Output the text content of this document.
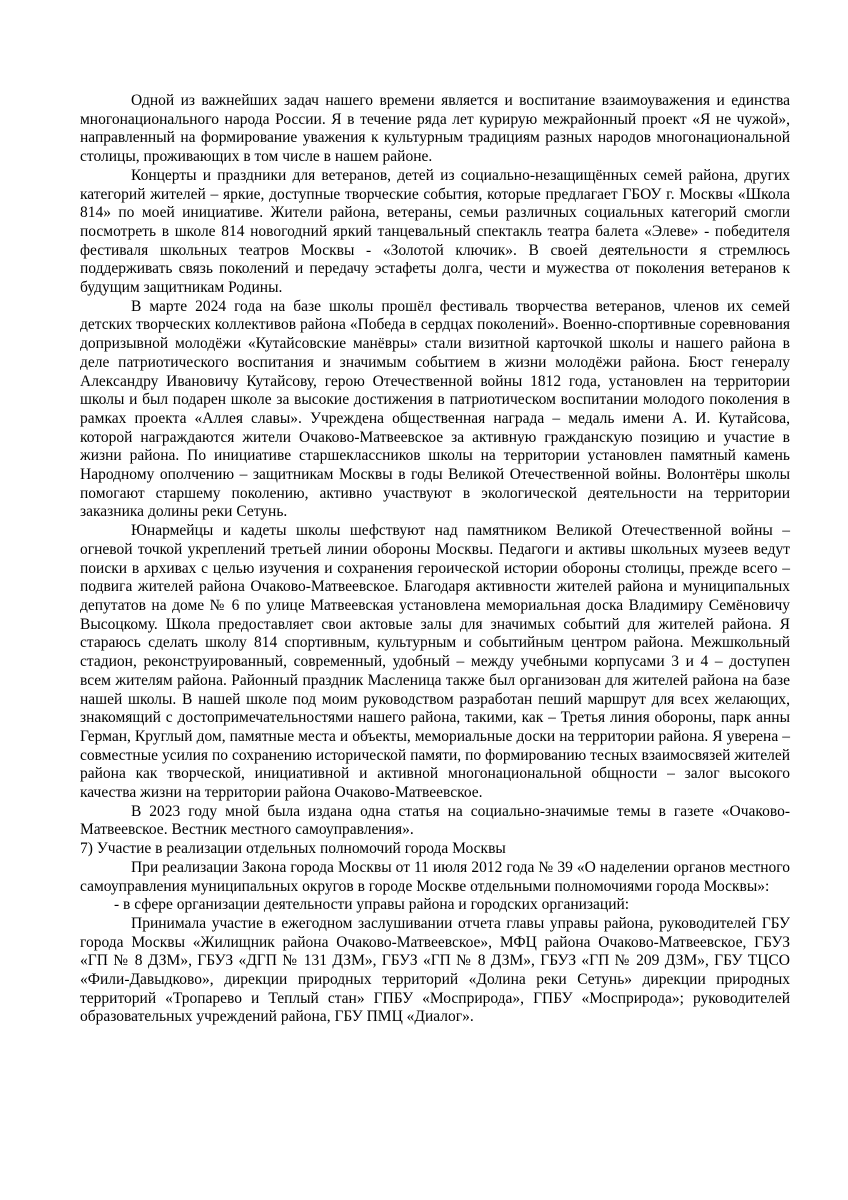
Одной из важнейших задач нашего времени является и воспитание взаимоуважения и единства многонационального народа России. Я в течение ряда лет курирую межрайонный проект «Я не чужой», направленный на формирование уважения к культурным традициям разных народов многонациональной столицы, проживающих в том числе в нашем районе.

Концерты и праздники для ветеранов, детей из социально-незащищённых семей района, других категорий жителей – яркие, доступные творческие события, которые предлагает ГБОУ г. Москвы «Школа 814» по моей инициативе. Жители района, ветераны, семьи различных социальных категорий смогли посмотреть в школе 814 новогодний яркий танцевальный спектакль театра балета «Элеве» - победителя фестиваля школьных театров Москвы - «Золотой ключик». В своей деятельности я стремлюсь поддерживать связь поколений и передачу эстафеты долга, чести и мужества от поколения ветеранов к будущим защитникам Родины.

В марте 2024 года на базе школы прошёл фестиваль творчества ветеранов, членов их семей детских творческих коллективов района «Победа в сердцах поколений». Военно-спортивные соревнования допризывной молодёжи «Кутайсовские манёвры» стали визитной карточкой школы и нашего района в деле патриотического воспитания и значимым событием в жизни молодёжи района. Бюст генералу Александру Ивановичу Кутайсову, герою Отечественной войны 1812 года, установлен на территории школы и был подарен школе за высокие достижения в патриотическом воспитании молодого поколения в рамках проекта «Аллея славы». Учреждена общественная награда – медаль имени А. И. Кутайсова, которой награждаются жители Очаково-Матвеевское за активную гражданскую позицию и участие в жизни района. По инициативе старшеклассников школы на территории установлен памятный камень Народному ополчению – защитникам Москвы в годы Великой Отечественной войны. Волонтёры школы помогают старшему поколению, активно участвуют в экологической деятельности на территории заказника долины реки Сетунь.

Юнармейцы и кадеты школы шефствуют над памятником Великой Отечественной войны – огневой точкой укреплений третьей линии обороны Москвы. Педагоги и активы школьных музеев ведут поиски в архивах с целью изучения и сохранения героической истории обороны столицы, прежде всего – подвига жителей района Очаково-Матвеевское. Благодаря активности жителей района и муниципальных депутатов на доме № 6 по улице Матвеевская установлена мемориальная доска Владимиру Семёновичу Высоцкому. Школа предоставляет свои актовые залы для значимых событий для жителей района. Я стараюсь сделать школу 814 спортивным, культурным и событийным центром района. Межшкольный стадион, реконструированный, современный, удобный – между учебными корпусами 3 и 4 – доступен всем жителям района. Районный праздник Масленица также был организован для жителей района на базе нашей школы. В нашей школе под моим руководством разработан пеший маршрут для всех желающих, знакомящий с достопримечательностями нашего района, такими, как – Третья линия обороны, парк анны Герман, Круглый дом, памятные места и объекты, мемориальные доски на территории района. Я уверена – совместные усилия по сохранению исторической памяти, по формированию тесных взаимосвязей жителей района как творческой, инициативной и активной многонациональной общности – залог высокого качества жизни на территории района Очаково-Матвеевское.

В 2023 году мной была издана одна статья на социально-значимые темы в газете «Очаково-Матвеевское. Вестник местного самоуправления».

7) Участие в реализации отдельных полномочий города Москвы

При реализации Закона города Москвы от 11 июля 2012 года № 39 «О наделении органов местного самоуправления муниципальных округов в городе Москве отдельными полномочиями города Москвы»:

- в сфере организации деятельности управы района и городских организаций:

Принимала участие в ежегодном заслушивании отчета главы управы района, руководителей ГБУ города Москвы «Жилищник района Очаково-Матвеевское», МФЦ района Очаково-Матвеевское, ГБУЗ «ГП № 8 ДЗМ», ГБУЗ «ДГП № 131 ДЗМ», ГБУЗ «ГП № 8 ДЗМ», ГБУЗ «ГП № 209 ДЗМ», ГБУ ТЦСО «Фили-Давыдково», дирекции природных территорий «Долина реки Сетунь» дирекции природных территорий «Тропарево и Теплый стан» ГПБУ «Мосприрода», ГПБУ «Мосприрода»; руководителей образовательных учреждений района, ГБУ ПМЦ «Диалог».
